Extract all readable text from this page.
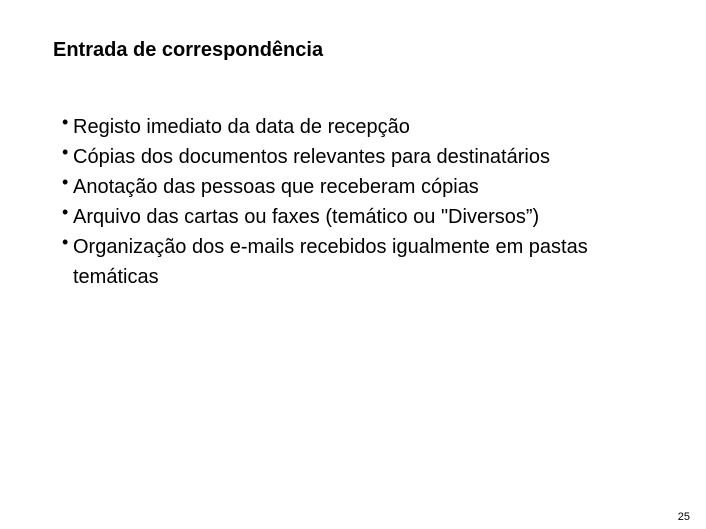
Entrada de correspondência
• Registo imediato da data de recepção
• Cópias dos documentos relevantes para destinatários
• Anotação das pessoas que receberam cópias
• Arquivo das cartas ou faxes (temático ou "Diversos”)
• Organização dos e-mails recebidos igualmente em pastas temáticas
25
